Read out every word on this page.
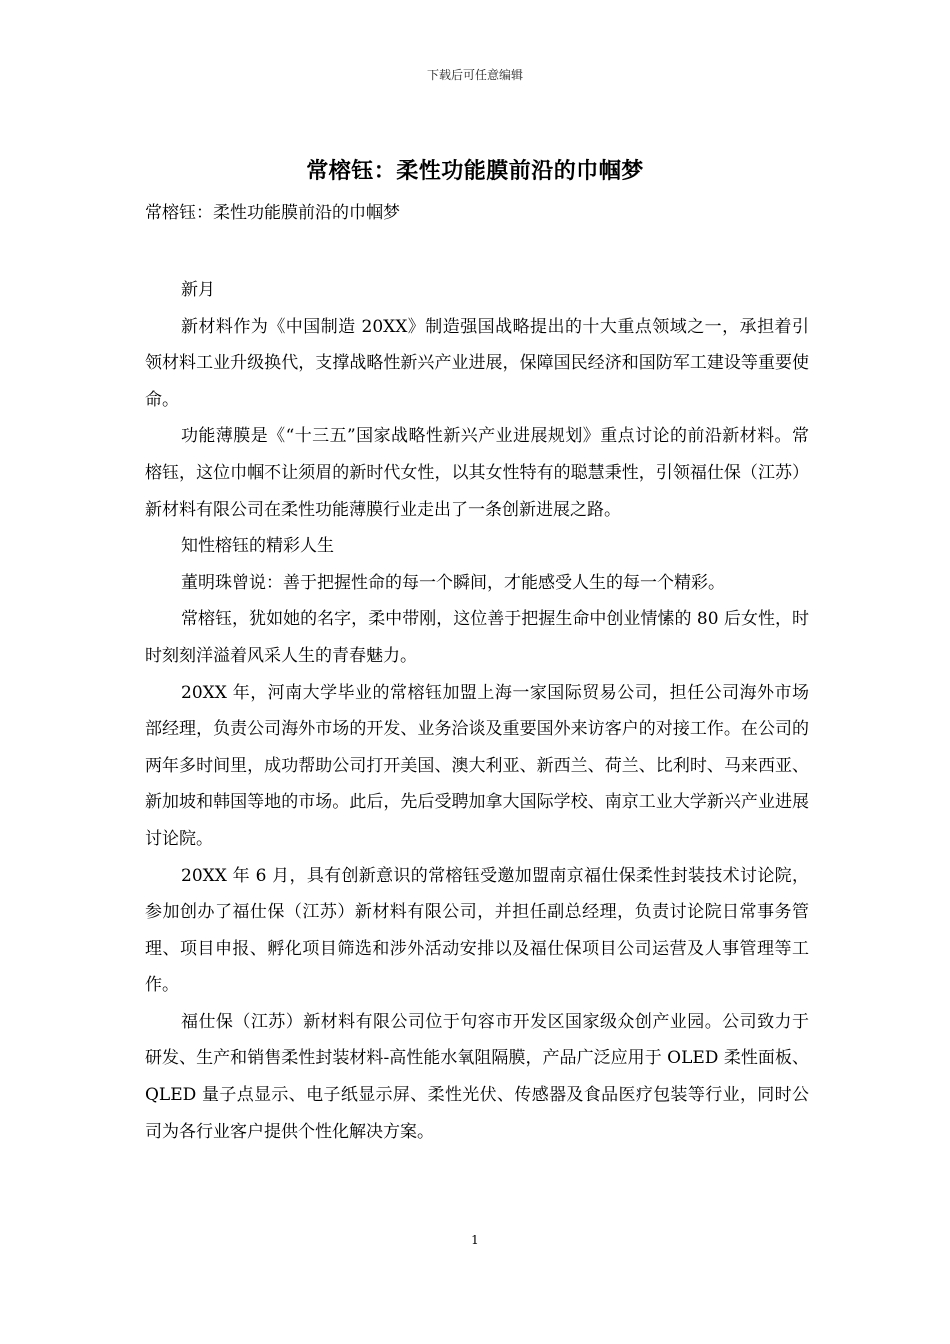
下载后可任意编辑
常榕钰：柔性功能膜前沿的巾帼梦
常榕钰：柔性功能膜前沿的巾帼梦

新月

新材料作为《中国制造 20XX》制造强国战略提出的十大重点领域之一，承担着引领材料工业升级换代，支撑战略性新兴产业进展，保障国民经济和国防军工建设等重要使命。

功能薄膜是《“十三五”国家战略性新兴产业进展规划》重点讨论的前沿新材料。常榕钰，这位巾帼不让须眉的新时代女性，以其女性特有的聪慧秉性，引领福仕保（江苏）新材料有限公司在柔性功能薄膜行业走出了一条创新进展之路。

知性榕钰的精彩人生

董明珠曾说：善于把握性命的每一个瞬间，才能感受人生的每一个精彩。

常榕钰，犹如她的名字，柔中带刚，这位善于把握生命中创业情愫的 80 后女性，时时刻刻洋溢着风采人生的青春魅力。

20XX 年，河南大学毕业的常榕钰加盟上海一家国际贸易公司，担任公司海外市场部经理，负责公司海外市场的开发、业务洽谈及重要国外来访客户的对接工作。在公司的两年多时间里，成功帮助公司打开美国、澳大利亚、新西兰、荷兰、比利时、马来西亚、新加坡和韩国等地的市场。此后，先后受聘加拿大国际学校、南京工业大学新兴产业进展讨论院。

20XX 年 6 月，具有创新意识的常榕钰受邀加盟南京福仕保柔性封装技术讨论院，参加创办了福仕保（江苏）新材料有限公司，并担任副总经理，负责讨论院日常事务管理、项目申报、孵化项目筛选和涉外活动安排以及福仕保项目公司运营及人事管理等工作。

福仕保（江苏）新材料有限公司位于句容市开发区国家级众创产业园。公司致力于研发、生产和销售柔性封装材料-高性能水氧阻隔膜，产品广泛应用于 OLED 柔性面板、QLED 量子点显示、电子纸显示屏、柔性光伏、传感器及食品医疗包装等行业，同时公司为各行业客户提供个性化解决方案。

1
